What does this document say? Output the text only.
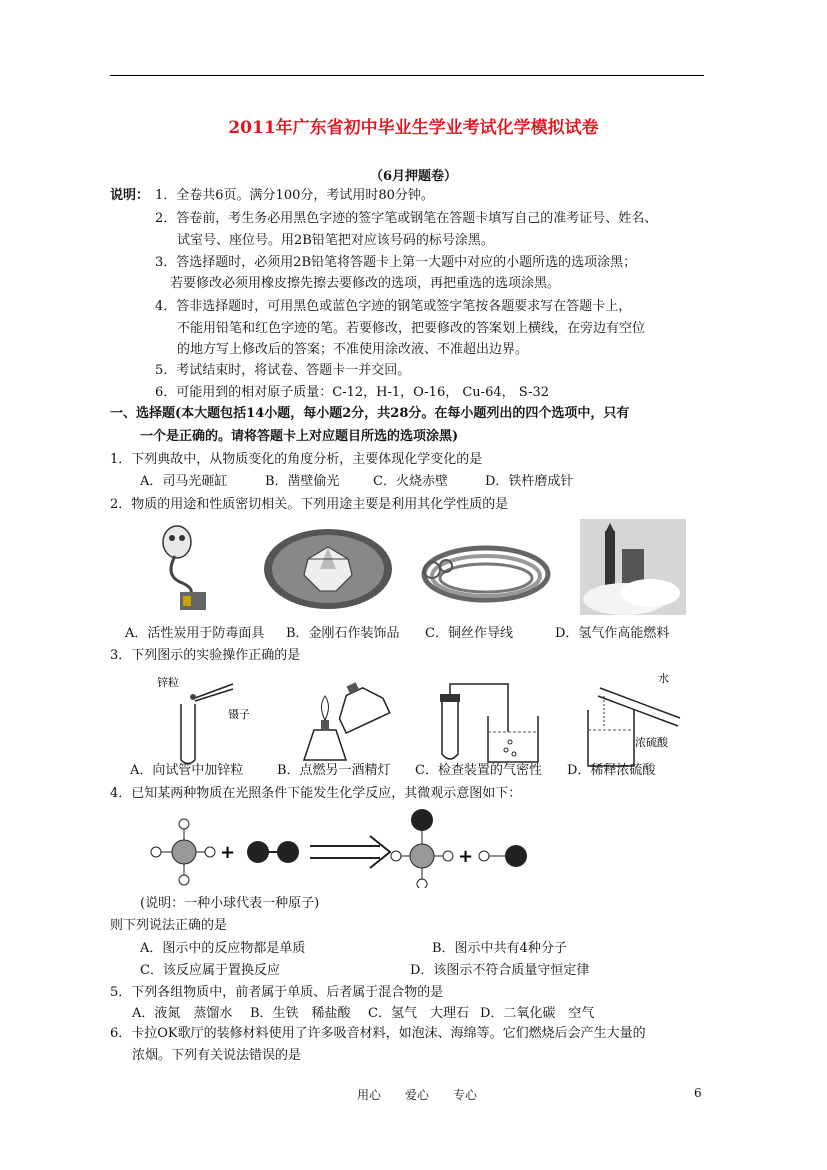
2011年广东省初中毕业生学业考试化学模拟试卷
（6月押题卷）
说明： 1．全卷共6页。满分100分，考试用时80分钟。
2．答卷前，考生务必用黑色字迹的签字笔或钢笔在答题卡填写自己的准考证号、姓名、
试室号、座位号。用2B铅笔把对应该号码的标号涂黑。
3．答选择题时，必须用2B铅笔将答题卡上第一大题中对应的小题所选的选项涂黑；
若要修改必须用橡皮擦先擦去要修改的选项，再把重选的选项涂黑。
4．答非选择题时，可用黑色或蓝色字迹的钢笔或签字笔按各题要求写在答题卡上，
不能用铅笔和红色字迹的笔。若要修改，把要修改的答案划上横线，在旁边有空位
的地方写上修改后的答案；不准使用涂改液、不准超出边界。
5．考试结束时，将试卷、答题卡一并交回。
6．可能用到的相对原子质量：C-12，H-1，O-16， Cu-64， S-32
一、选择题(本大题包括14小题，每小题2分，共28分。在每小题列出的四个选项中，只有
一个是正确的。请将答题卡上对应题目所选的选项涂黑)
1．下列典故中，从物质变化的角度分析，主要体现化学变化的是
A．司马光砸缸	B．凿壁偷光	C．火烧赤壁	D．铁杵磨成针
2．物质的用途和性质密切相关。下列用途主要是利用其化学性质的是
A．活性炭用于防毒面具 B．金刚石作装饰品 C．铜丝作导线	D．氢气作高能燃料
3．下列图示的实验操作正确的是
锌粒
镊子
水
浓硫酸
A．向试管中加锌粒	B．点燃另一酒精灯 C．检查装置的气密性 D．稀释浓硫酸
4．已知某两种物质在光照条件下能发生化学反应，其微观示意图如下：
+	+
(说明：一种小球代表一种原子)
则下列说法正确的是
A．图示中的反应物都是单质	B．图示中共有4种分子
C．该反应属于置换反应	D．该图示不符合质量守恒定律
5．下列各组物质中，前者属于单质、后者属于混合物的是
A．液氮　蒸馏水 B．生铁　稀盐酸 C．氢气　大理石 D．二氧化碳　空气
6．卡拉OK歌厅的装修材料使用了许多吸音材料，如泡沫、海绵等。它们燃烧后会产生大量的
浓烟。下列有关说法错误的是
用心　　爱心　　专心	6
